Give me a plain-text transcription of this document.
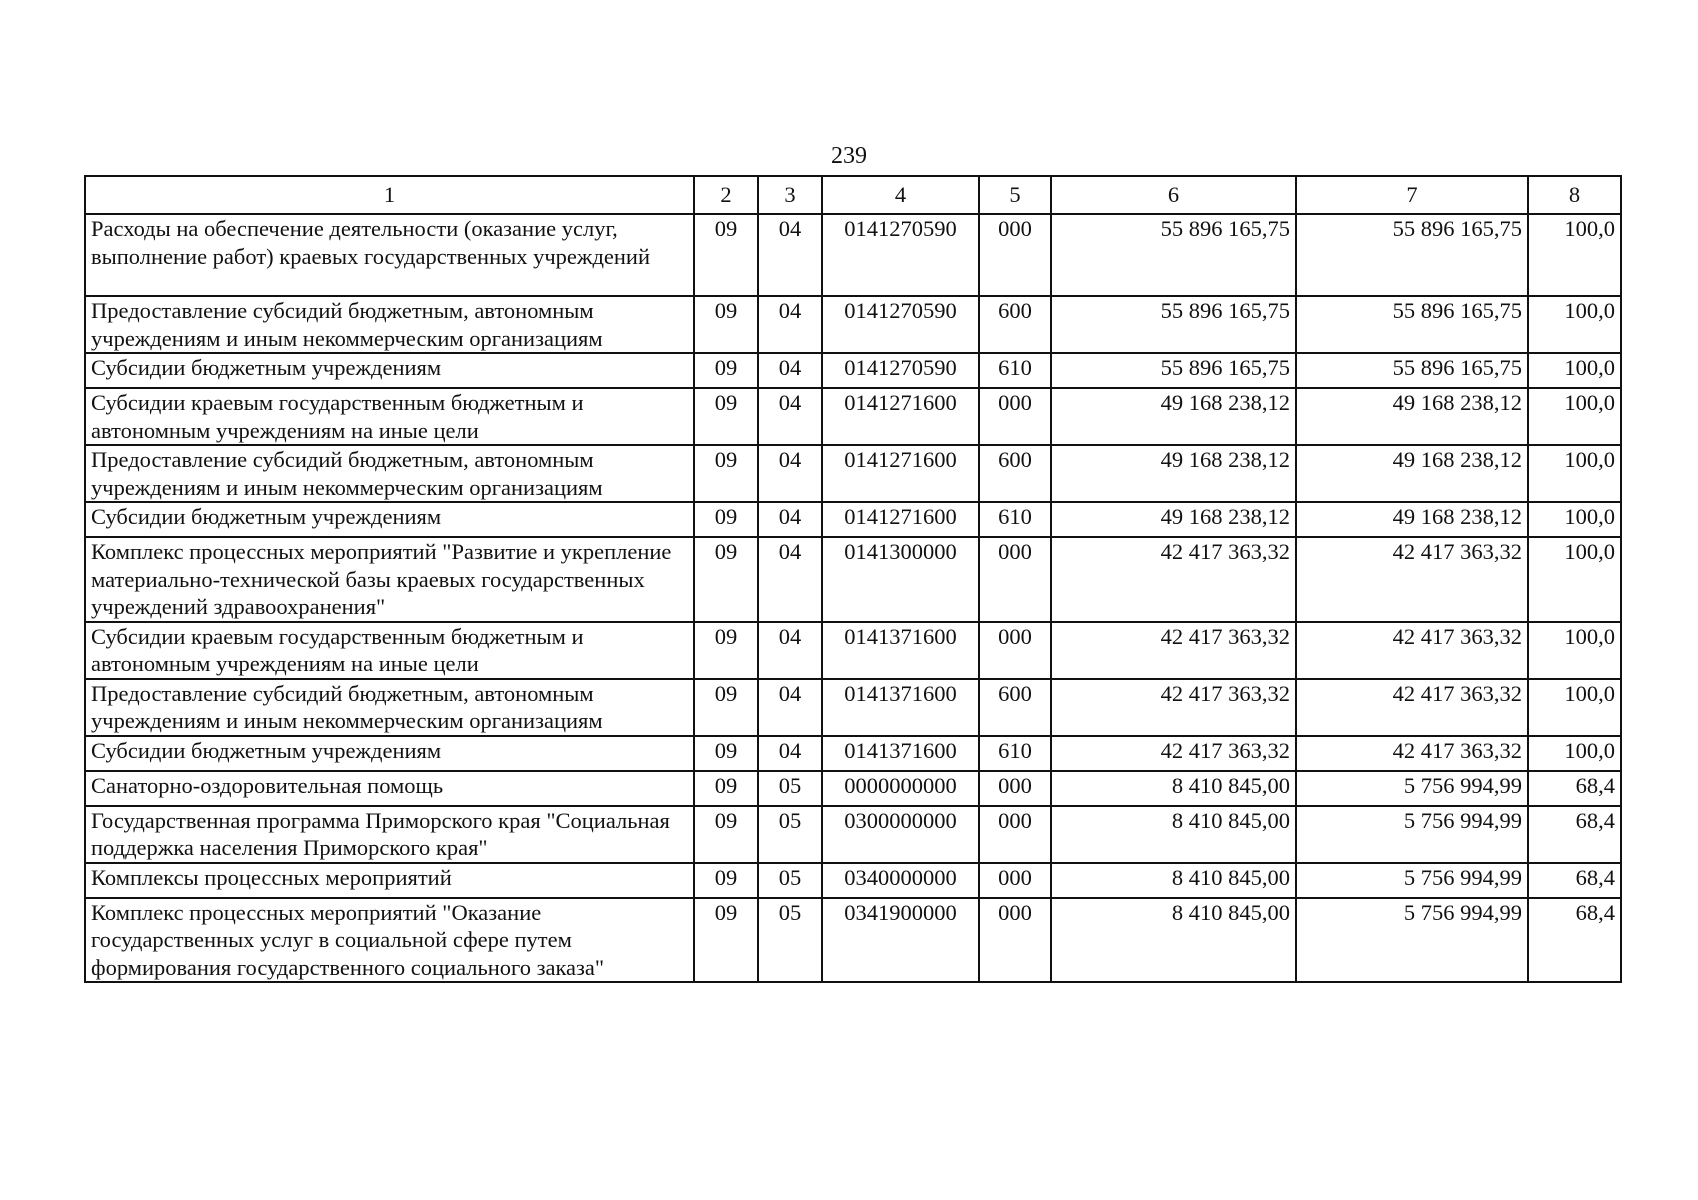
239
1	2	3	4	5	6	7	8
Расходы на обеспечение деятельности (оказание услуг, выполнение работ) краевых государственных учреждений	09	04	0141270590	000	55 896 165,75	55 896 165,75	100,0
Предоставление субсидий бюджетным, автономным учреждениям и иным некоммерческим организациям	09	04	0141270590	600	55 896 165,75	55 896 165,75	100,0
Субсидии бюджетным учреждениям	09	04	0141270590	610	55 896 165,75	55 896 165,75	100,0
Субсидии краевым государственным бюджетным и автономным учреждениям на иные цели	09	04	0141271600	000	49 168 238,12	49 168 238,12	100,0
Предоставление субсидий бюджетным, автономным учреждениям и иным некоммерческим организациям	09	04	0141271600	600	49 168 238,12	49 168 238,12	100,0
Субсидии бюджетным учреждениям	09	04	0141271600	610	49 168 238,12	49 168 238,12	100,0
Комплекс процессных мероприятий "Развитие и укрепление материально-технической базы краевых государственных учреждений здравоохранения"	09	04	0141300000	000	42 417 363,32	42 417 363,32	100,0
Субсидии краевым государственным бюджетным и автономным учреждениям на иные цели	09	04	0141371600	000	42 417 363,32	42 417 363,32	100,0
Предоставление субсидий бюджетным, автономным учреждениям и иным некоммерческим организациям	09	04	0141371600	600	42 417 363,32	42 417 363,32	100,0
Субсидии бюджетным учреждениям	09	04	0141371600	610	42 417 363,32	42 417 363,32	100,0
Санаторно-оздоровительная помощь	09	05	0000000000	000	8 410 845,00	5 756 994,99	68,4
Государственная программа Приморского края "Социальная поддержка населения Приморского края"	09	05	0300000000	000	8 410 845,00	5 756 994,99	68,4
Комплексы процессных мероприятий	09	05	0340000000	000	8 410 845,00	5 756 994,99	68,4
Комплекс процессных мероприятий "Оказание государственных услуг в социальной сфере путем формирования государственного социального заказа"	09	05	0341900000	000	8 410 845,00	5 756 994,99	68,4
